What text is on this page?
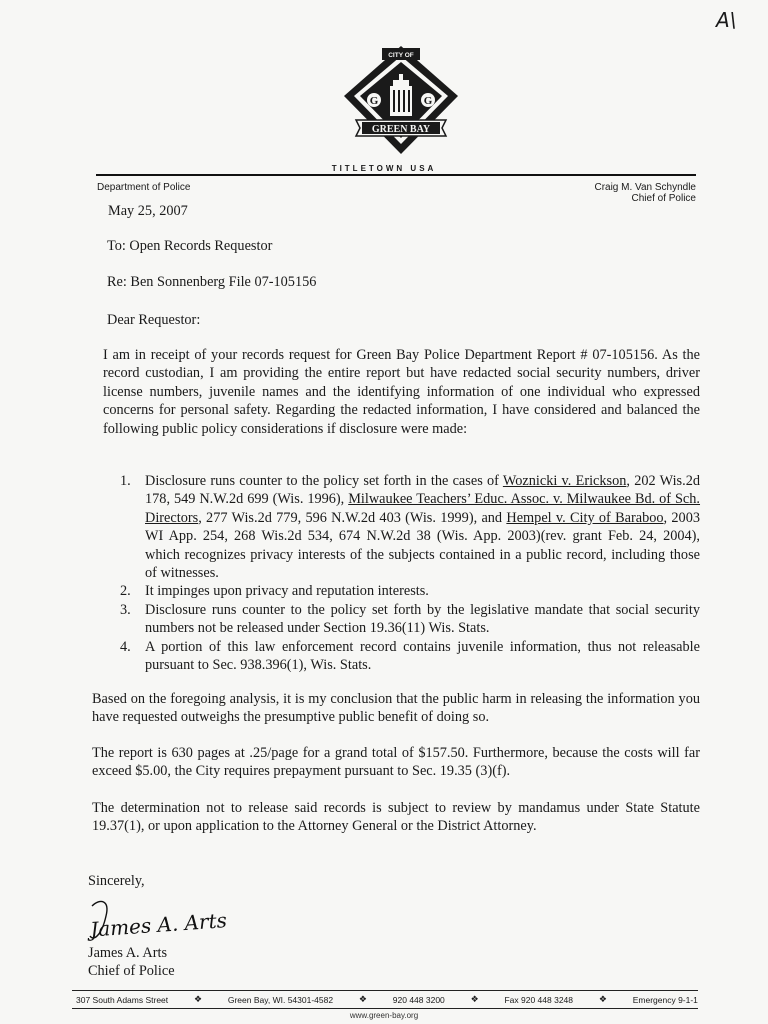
A\
CITY OF
G	G
GREEN BAY
TITLETOWN USA
Department of Police	Craig M. Van Schyndle
Chief of Police
May 25, 2007
To: Open Records Requestor
Re: Ben Sonnenberg File 07-105156
Dear Requestor:
I am in receipt of your records request for Green Bay Police Department Report # 07-105156. As the record custodian, I am providing the entire report but have redacted social security numbers, driver license numbers, juvenile names and the identifying information of one individual who expressed concerns for personal safety. Regarding the redacted information, I have considered and balanced the following public policy considerations if disclosure were made:
1. Disclosure runs counter to the policy set forth in the cases of Woznicki v. Erickson, 202 Wis.2d 178, 549 N.W.2d 699 (Wis. 1996), Milwaukee Teachers’ Educ. Assoc. v. Milwaukee Bd. of Sch. Directors, 277 Wis.2d 779, 596 N.W.2d 403 (Wis. 1999), and Hempel v. City of Baraboo, 2003 WI App. 254, 268 Wis.2d 534, 674 N.W.2d 38 (Wis. App. 2003)(rev. grant Feb. 24, 2004), which recognizes privacy interests of the subjects contained in a public record, including those of witnesses.
2. It impinges upon privacy and reputation interests.
3. Disclosure runs counter to the policy set forth by the legislative mandate that social security numbers not be released under Section 19.36(11) Wis. Stats.
4. A portion of this law enforcement record contains juvenile information, thus not releasable pursuant to Sec. 938.396(1), Wis. Stats.
Based on the foregoing analysis, it is my conclusion that the public harm in releasing the information you have requested outweighs the presumptive public benefit of doing so.
The report is 630 pages at .25/page for a grand total of $157.50. Furthermore, because the costs will far exceed $5.00, the City requires prepayment pursuant to Sec. 19.35 (3)(f).
The determination not to release said records is subject to review by mandamus under State Statute 19.37(1), or upon application to the Attorney General or the District Attorney.
Sincerely,
James A. Arts
James A. Arts
Chief of Police
307 South Adams Street	❖	Green Bay, WI. 54301-4582	❖	920 448 3200	❖	Fax 920 448 3248	❖	Emergency 9-1-1
www.green-bay.org
